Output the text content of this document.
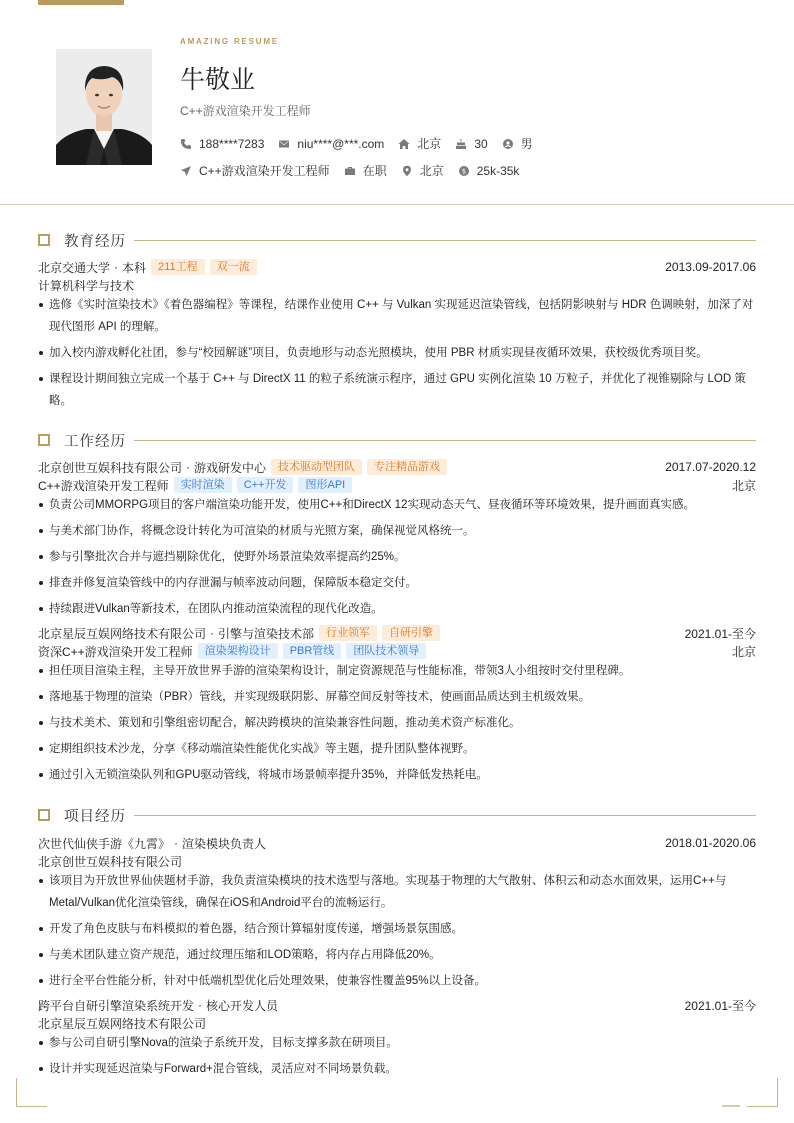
AMAZING RESUME
牛敬业
C++游戏渲染开发工程师
188****7283	niu****@***.com	北京	30	男
C++游戏渲染开发工程师	在职	北京	$ 25k-35k
教育经历
北京交通大学 · 本科	211工程	双一流	2013.09-2017.06
计算机科学与技术
选修《实时渲染技术》《着色器编程》等课程，结课作业使用 C++ 与 Vulkan 实现延迟渲染管线，包括阴影映射与 HDR 色调映射，加深了对现代图形 API 的理解。
加入校内游戏孵化社团，参与“校园解谜”项目，负责地形与动态光照模块，使用 PBR 材质实现昼夜循环效果，获校级优秀项目奖。
课程设计期间独立完成一个基于 C++ 与 DirectX 11 的粒子系统演示程序，通过 GPU 实例化渲染 10 万粒子，并优化了视锥剔除与 LOD 策略。
工作经历
北京创世互娱科技有限公司 · 游戏研发中心	技术驱动型团队	专注精品游戏	2017.07-2020.12
C++游戏渲染开发工程师	实时渲染	C++开发	图形API	北京
负责公司MMORPG项目的客户端渲染功能开发，使用C++和DirectX 12实现动态天气、昼夜循环等环境效果，提升画面真实感。
与美术部门协作，将概念设计转化为可渲染的材质与光照方案，确保视觉风格统一。
参与引擎批次合并与遮挡剔除优化，使野外场景渲染效率提高约25%。
排查并修复渲染管线中的内存泄漏与帧率波动问题，保障版本稳定交付。
持续跟进Vulkan等新技术，在团队内推动渲染流程的现代化改造。
北京星辰互娱网络技术有限公司 · 引擎与渲染技术部	行业领军	自研引擎	2021.01-至今
资深C++游戏渲染开发工程师	渲染架构设计	PBR管线	团队技术领导	北京
担任项目渲染主程，主导开放世界手游的渲染架构设计，制定资源规范与性能标准，带领3人小组按时交付里程碑。
落地基于物理的渲染（PBR）管线，并实现级联阴影、屏幕空间反射等技术，使画面品质达到主机级效果。
与技术美术、策划和引擎组密切配合，解决跨模块的渲染兼容性问题，推动美术资产标准化。
定期组织技术沙龙，分享《移动端渲染性能优化实战》等主题，提升团队整体视野。
通过引入无锁渲染队列和GPU驱动管线，将城市场景帧率提升35%，并降低发热耗电。
项目经历
次世代仙侠手游《九霄》 · 渲染模块负责人	2018.01-2020.06
北京创世互娱科技有限公司
该项目为开放世界仙侠题材手游，我负责渲染模块的技术选型与落地。实现基于物理的大气散射、体积云和动态水面效果，运用C++与Metal/Vulkan优化渲染管线，确保在iOS和Android平台的流畅运行。
开发了角色皮肤与布料模拟的着色器，结合预计算辐射度传递，增强场景氛围感。
与美术团队建立资产规范，通过纹理压缩和LOD策略，将内存占用降低20%。
进行全平台性能分析，针对中低端机型优化后处理效果，使兼容性覆盖95%以上设备。
跨平台自研引擎渲染系统开发 · 核心开发人员	2021.01-至今
北京星辰互娱网络技术有限公司
参与公司自研引擎Nova的渲染子系统开发，目标支撑多款在研项目。
设计并实现延迟渲染与Forward+混合管线，灵活应对不同场景负载。
